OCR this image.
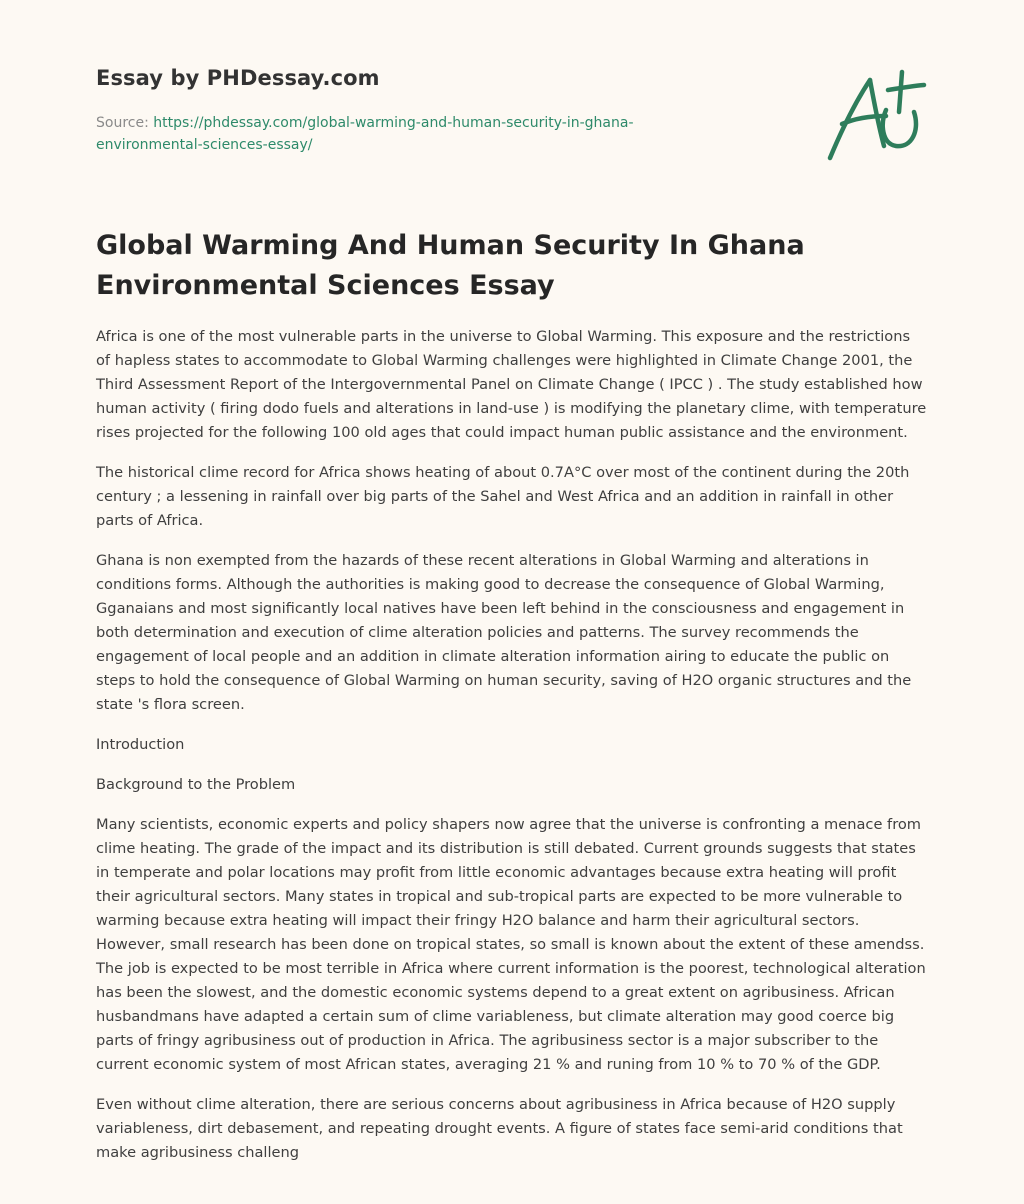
Essay by PHDessay.com
Source: https://phdessay.com/global-warming-and-human-security-in-ghana-environmental-sciences-essay/
Global Warming And Human Security In Ghana Environmental Sciences Essay

Africa is one of the most vulnerable parts in the universe to Global Warming. This exposure and the restrictions of hapless states to accommodate to Global Warming challenges were highlighted in Climate Change 2001, the Third Assessment Report of the Intergovernmental Panel on Climate Change ( IPCC ) . The study established how human activity ( firing dodo fuels and alterations in land-use ) is modifying the planetary clime, with temperature rises projected for the following 100 old ages that could impact human public assistance and the environment.

The historical clime record for Africa shows heating of about 0.7A°C over most of the continent during the 20th century ; a lessening in rainfall over big parts of the Sahel and West Africa and an addition in rainfall in other parts of Africa.

Ghana is non exempted from the hazards of these recent alterations in Global Warming and alterations in conditions forms. Although the authorities is making good to decrease the consequence of Global Warming, Gganaians and most significantly local natives have been left behind in the consciousness and engagement in both determination and execution of clime alteration policies and patterns. The survey recommends the engagement of local people and an addition in climate alteration information airing to educate the public on steps to hold the consequence of Global Warming on human security, saving of H2O organic structures and the state 's flora screen.

Introduction

Background to the Problem

Many scientists, economic experts and policy shapers now agree that the universe is confronting a menace from clime heating. The grade of the impact and its distribution is still debated. Current grounds suggests that states in temperate and polar locations may profit from little economic advantages because extra heating will profit their agricultural sectors. Many states in tropical and sub-tropical parts are expected to be more vulnerable to warming because extra heating will impact their fringy H2O balance and harm their agricultural sectors. However, small research has been done on tropical states, so small is known about the extent of these amendss. The job is expected to be most terrible in Africa where current information is the poorest, technological alteration has been the slowest, and the domestic economic systems depend to a great extent on agribusiness. African husbandmans have adapted a certain sum of clime variableness, but climate alteration may good coerce big parts of fringy agribusiness out of production in Africa. The agribusiness sector is a major subscriber to the current economic system of most African states, averaging 21 % and runing from 10 % to 70 % of the GDP.

Even without clime alteration, there are serious concerns about agribusiness in Africa because of H2O supply variableness, dirt debasement, and repeating drought events. A figure of states face semi-arid conditions that make agribusiness challeng
